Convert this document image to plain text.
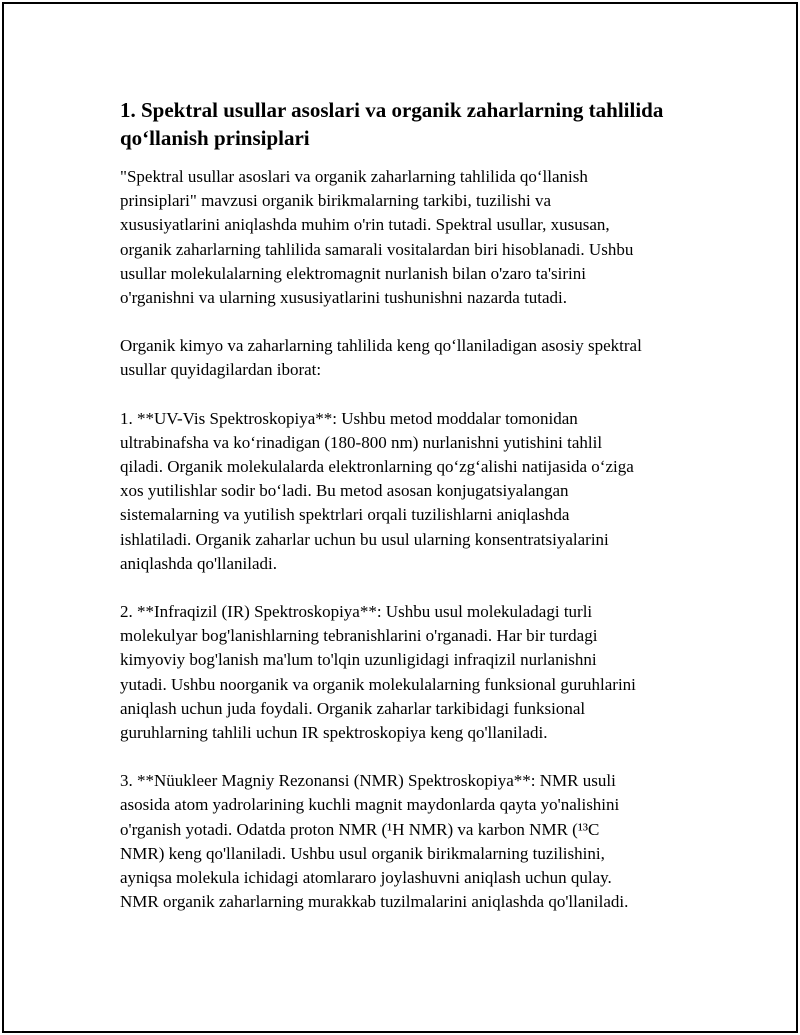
1. Spektral usullar asoslari va organik zaharlarning tahlilida
qo‘llanish prinsiplari

"Spektral usullar asoslari va organik zaharlarning tahlilida qo‘llanish
prinsiplari" mavzusi organik birikmalarning tarkibi, tuzilishi va
xususiyatlarini aniqlashda muhim o'rin tutadi. Spektral usullar, xususan,
organik zaharlarning tahlilida samarali vositalardan biri hisoblanadi. Ushbu
usullar molekulalarning elektromagnit nurlanish bilan o'zaro ta'sirini
o'rganishni va ularning xususiyatlarini tushunishni nazarda tutadi.

Organik kimyo va zaharlarning tahlilida keng qo‘llaniladigan asosiy spektral
usullar quyidagilardan iborat:

1. **UV-Vis Spektroskopiya**: Ushbu metod moddalar tomonidan
ultrabinafsha va ko‘rinadigan (180-800 nm) nurlanishni yutishini tahlil
qiladi. Organik molekulalarda elektronlarning qo‘zg‘alishi natijasida o‘ziga
xos yutilishlar sodir bo‘ladi. Bu metod asosan konjugatsiyalangan
sistemalarning va yutilish spektrlari orqali tuzilishlarni aniqlashda
ishlatiladi. Organik zaharlar uchun bu usul ularning konsentratsiyalarini
aniqlashda qo'llaniladi.

2. **Infraqizil (IR) Spektroskopiya**: Ushbu usul molekuladagi turli
molekulyar bog'lanishlarning tebranishlarini o'rganadi. Har bir turdagi
kimyoviy bog'lanish ma'lum to'lqin uzunligidagi infraqizil nurlanishni
yutadi. Ushbu noorganik va organik molekulalarning funksional guruhlarini
aniqlash uchun juda foydali. Organik zaharlar tarkibidagi funksional
guruhlarning tahlili uchun IR spektroskopiya keng qo'llaniladi.

3. **Nüukleer Magniy Rezonansi (NMR) Spektroskopiya**: NMR usuli
asosida atom yadrolarining kuchli magnit maydonlarda qayta yo'nalishini
o'rganish yotadi. Odatda proton NMR (¹H NMR) va karbon NMR (¹³C
NMR) keng qo'llaniladi. Ushbu usul organik birikmalarning tuzilishini,
ayniqsa molekula ichidagi atomlararo joylashuvni aniqlash uchun qulay.
NMR organik zaharlarning murakkab tuzilmalarini aniqlashda qo'llaniladi.
